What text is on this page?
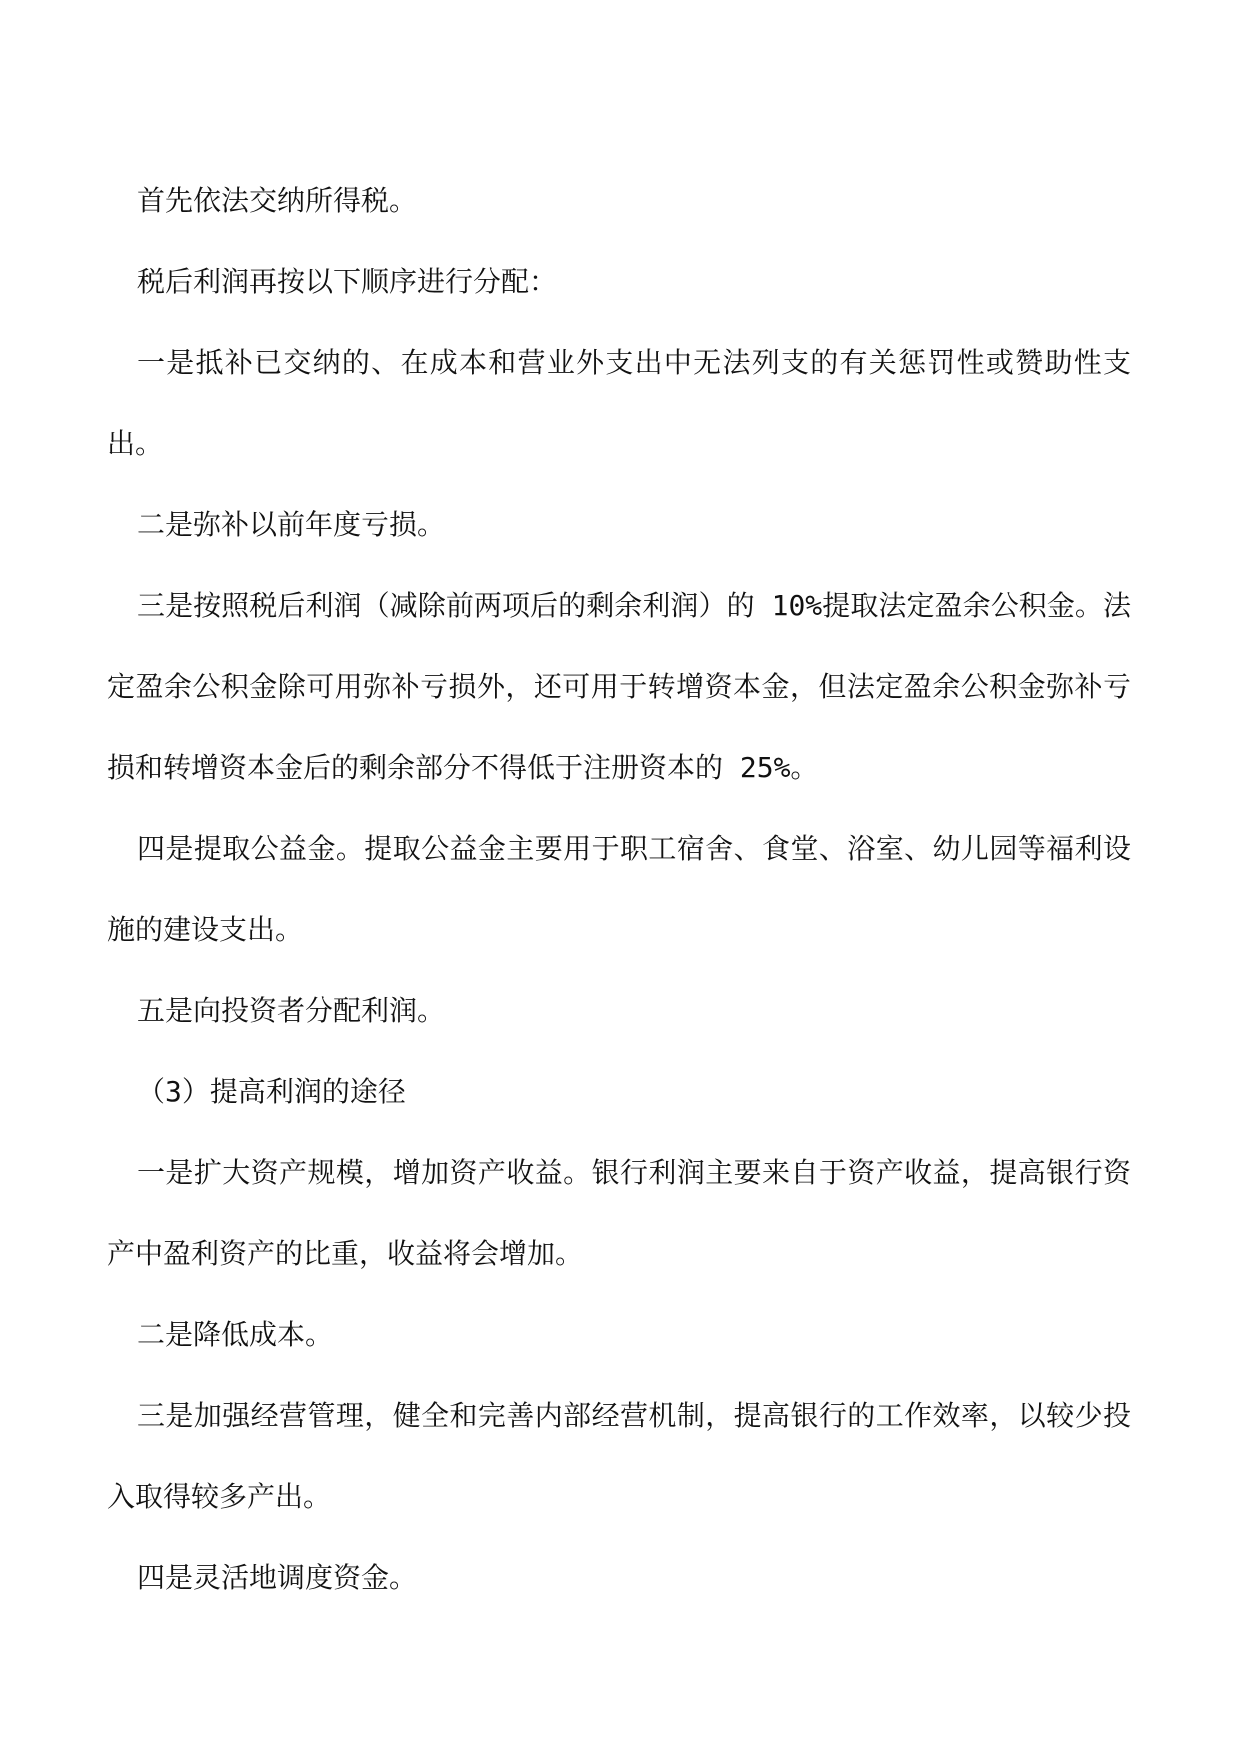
首先依法交纳所得税。

税后利润再按以下顺序进行分配：

一是抵补已交纳的、在成本和营业外支出中无法列支的有关惩罚性或赞助性支出。

二是弥补以前年度亏损。

三是按照税后利润（减除前两项后的剩余利润）的 10%提取法定盈余公积金。法定盈余公积金除可用弥补亏损外，还可用于转增资本金，但法定盈余公积金弥补亏损和转增资本金后的剩余部分不得低于注册资本的 25%。

四是提取公益金。提取公益金主要用于职工宿舍、食堂、浴室、幼儿园等福利设施的建设支出。

五是向投资者分配利润。

（3）提高利润的途径

一是扩大资产规模，增加资产收益。银行利润主要来自于资产收益，提高银行资产中盈利资产的比重，收益将会增加。

二是降低成本。

三是加强经营管理，健全和完善内部经营机制，提高银行的工作效率，以较少投入取得较多产出。

四是灵活地调度资金。
